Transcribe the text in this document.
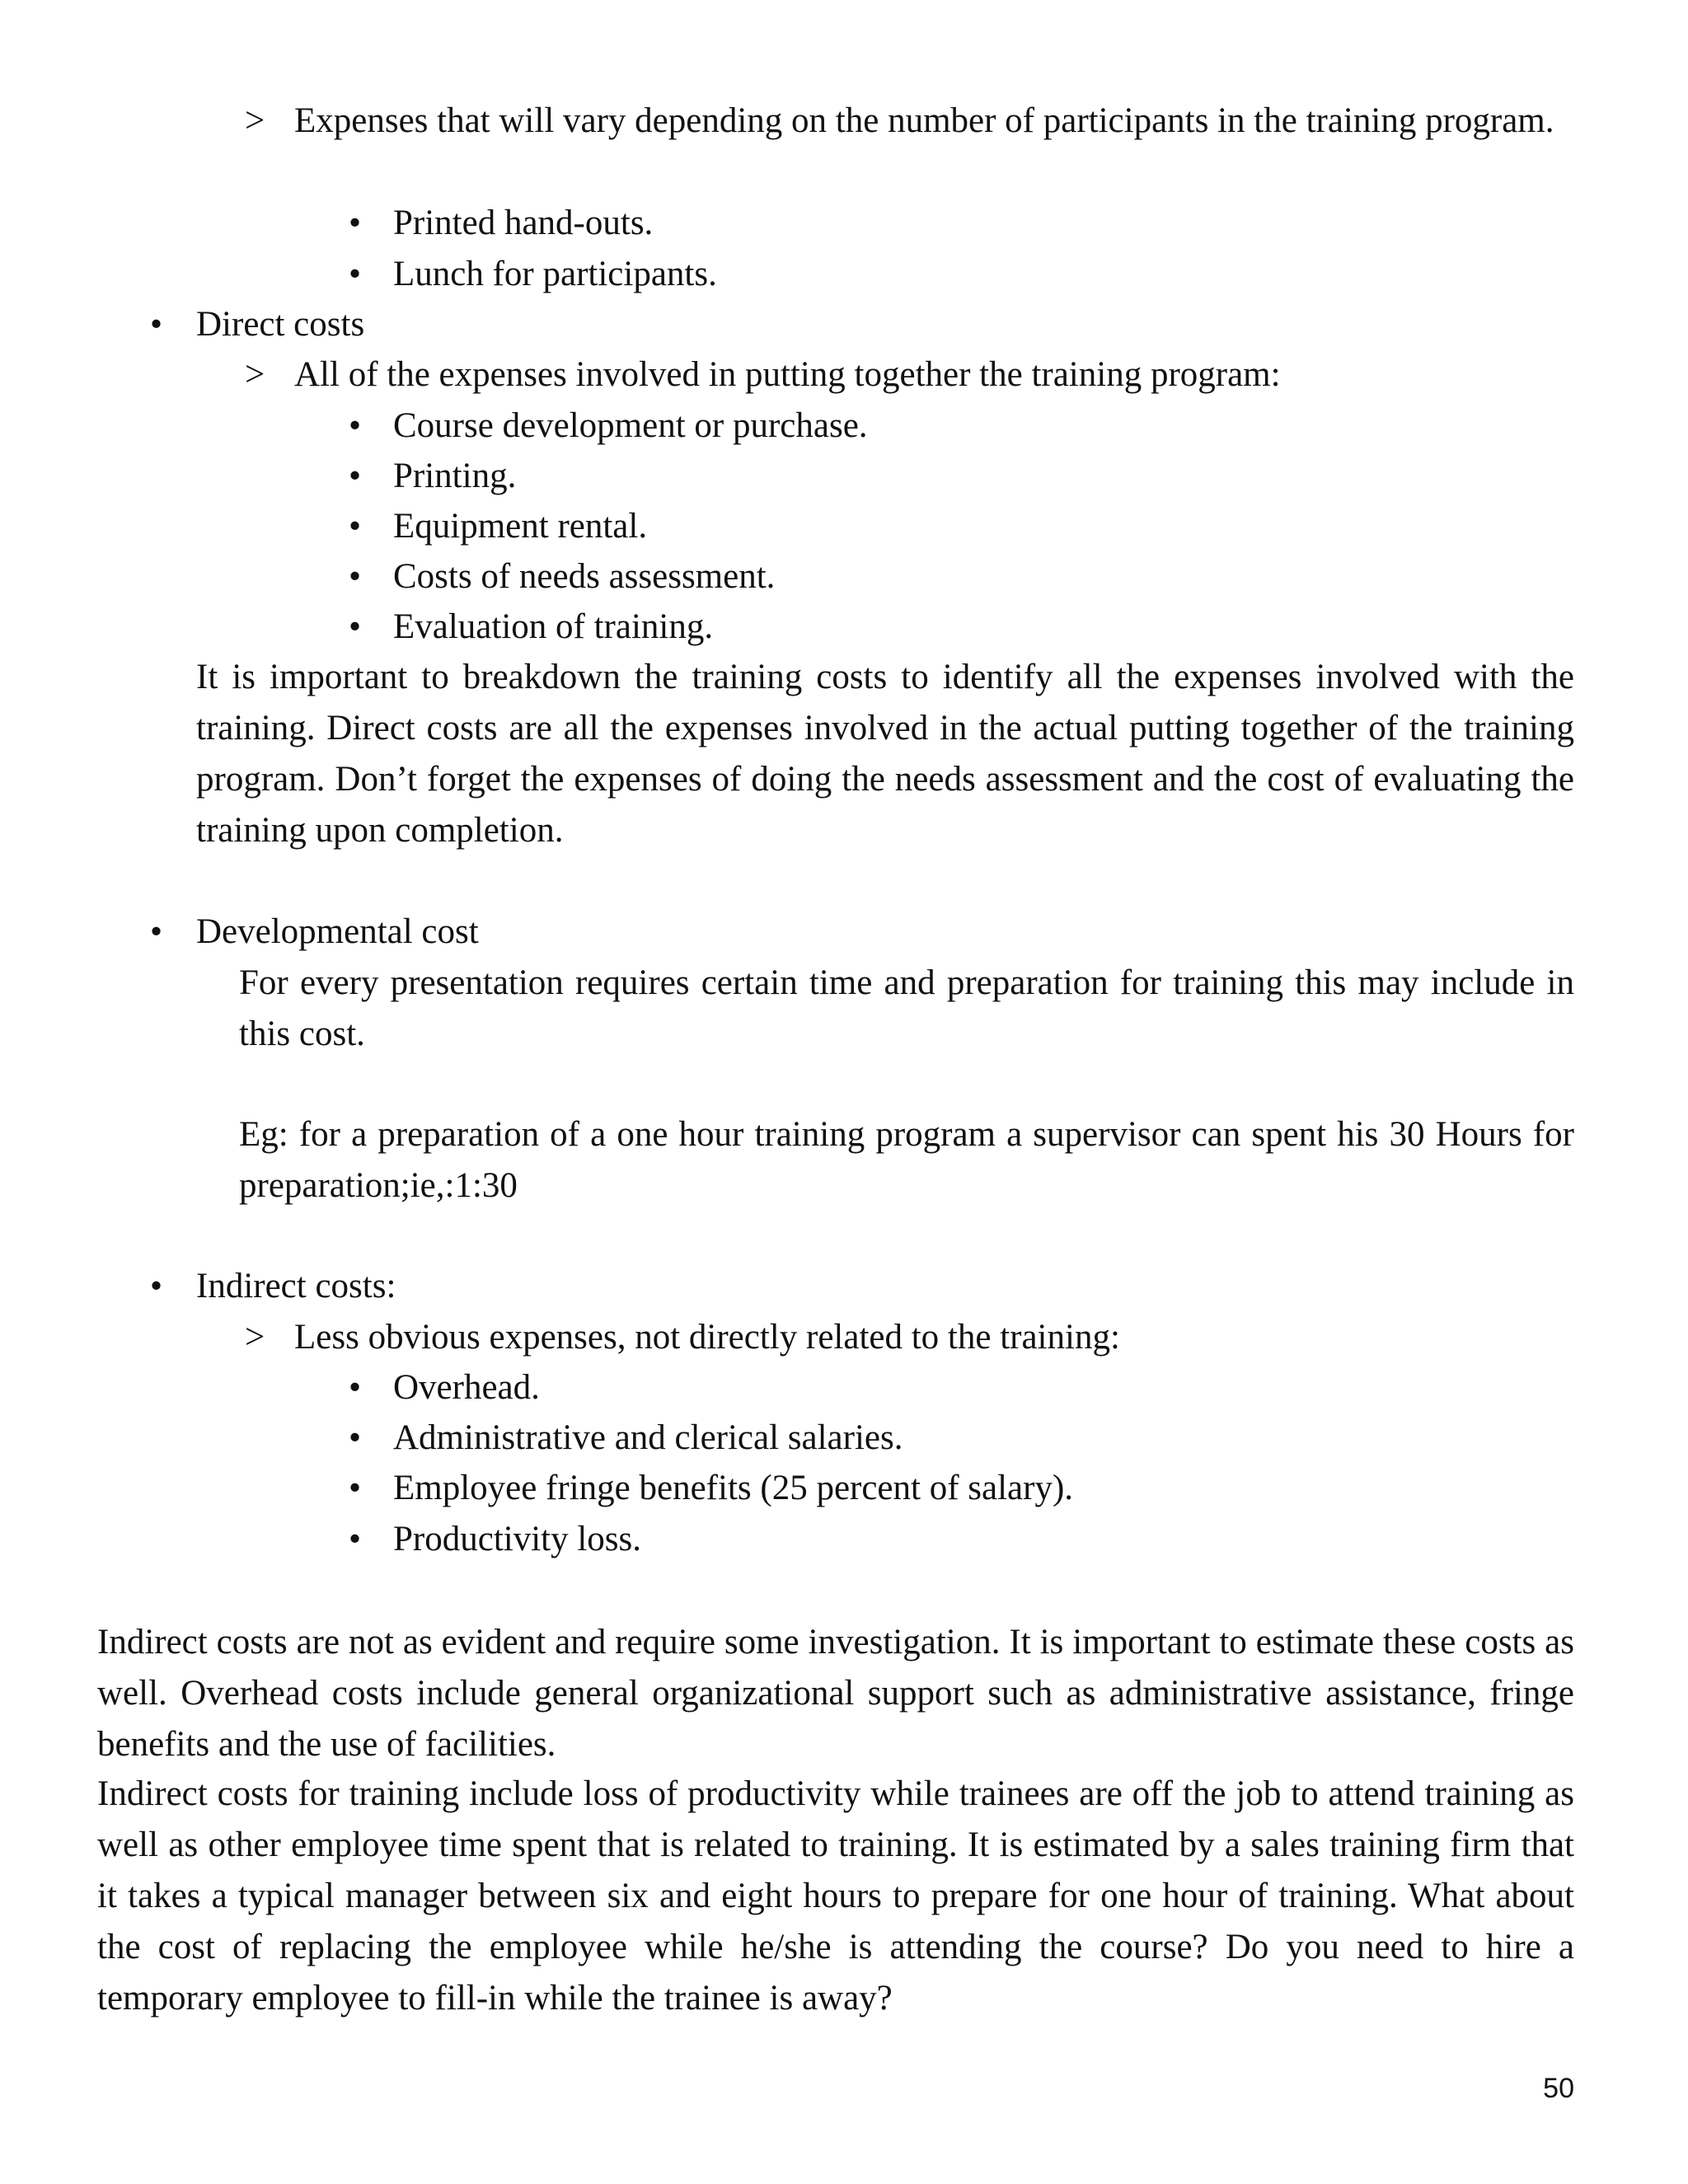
> Expenses that will vary depending on the number of participants in the training program.
• Printed hand-outs.
• Lunch for participants.
• Direct costs
> All of the expenses involved in putting together the training program:
• Course development or purchase.
• Printing.
• Equipment rental.
• Costs of needs assessment.
• Evaluation of training.
It is important to breakdown the training costs to identify all the expenses involved with the training. Direct costs are all the expenses involved in the actual putting together of the training program. Don’t forget the expenses of doing the needs assessment and the cost of evaluating the training upon completion.
• Developmental cost
For every presentation requires certain time and preparation for training this may include in this cost.
Eg: for a preparation of a one hour training program a supervisor can spent his 30 Hours for preparation;ie,:1:30
• Indirect costs:
> Less obvious expenses, not directly related to the training:
• Overhead.
• Administrative and clerical salaries.
• Employee fringe benefits (25 percent of salary).
• Productivity loss.
Indirect costs are not as evident and require some investigation. It is important to estimate these costs as well. Overhead costs include general organizational support such as administrative assistance, fringe benefits and the use of facilities.
Indirect costs for training include loss of productivity while trainees are off the job to attend training as well as other employee time spent that is related to training. It is estimated by a sales training firm that it takes a typical manager between six and eight hours to prepare for one hour of training. What about the cost of replacing the employee while he/she is attending the course? Do you need to hire a temporary employee to fill-in while the trainee is away?
50
